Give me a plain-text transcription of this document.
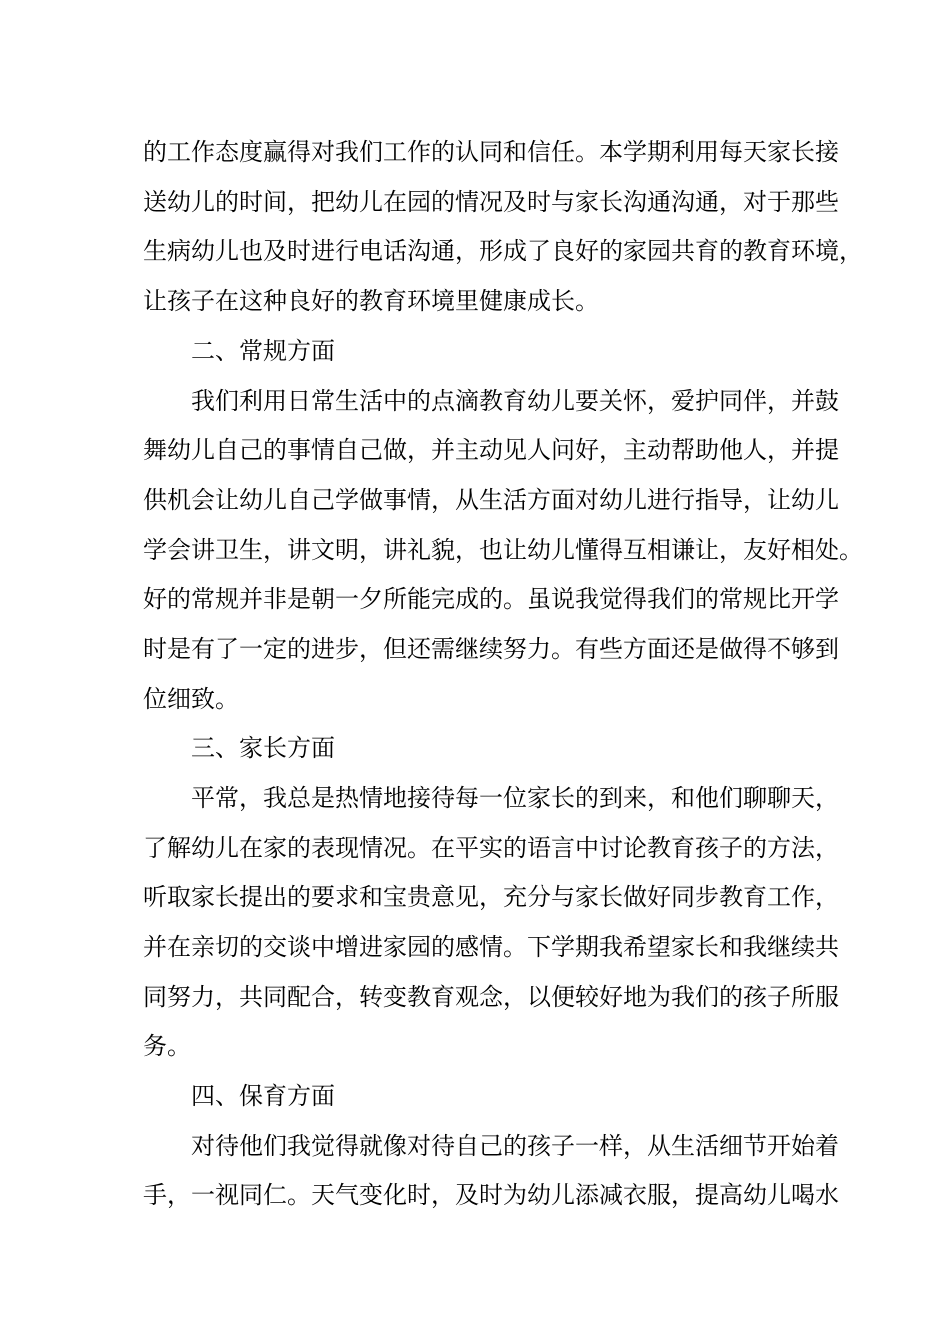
的工作态度赢得对我们工作的认同和信任。本学期利用每天家长接
送幼儿的时间，把幼儿在园的情况及时与家长沟通沟通，对于那些
生病幼儿也及时进行电话沟通，形成了良好的家园共育的教育环境，
让孩子在这种良好的教育环境里健康成长。
二、常规方面
我们利用日常生活中的点滴教育幼儿要关怀，爱护同伴，并鼓
舞幼儿自己的事情自己做，并主动见人问好，主动帮助他人，并提
供机会让幼儿自己学做事情，从生活方面对幼儿进行指导，让幼儿
学会讲卫生，讲文明，讲礼貌，也让幼儿懂得互相谦让，友好相处。
好的常规并非是朝一夕所能完成的。虽说我觉得我们的常规比开学
时是有了一定的进步，但还需继续努力。有些方面还是做得不够到
位细致。
三、家长方面
平常，我总是热情地接待每一位家长的到来，和他们聊聊天，
了解幼儿在家的表现情况。在平实的语言中讨论教育孩子的方法，
听取家长提出的要求和宝贵意见，充分与家长做好同步教育工作，
并在亲切的交谈中增进家园的感情。下学期我希望家长和我继续共
同努力，共同配合，转变教育观念，以便较好地为我们的孩子所服
务。
四、保育方面
对待他们我觉得就像对待自己的孩子一样，从生活细节开始着
手，一视同仁。天气变化时，及时为幼儿添减衣服，提高幼儿喝水
